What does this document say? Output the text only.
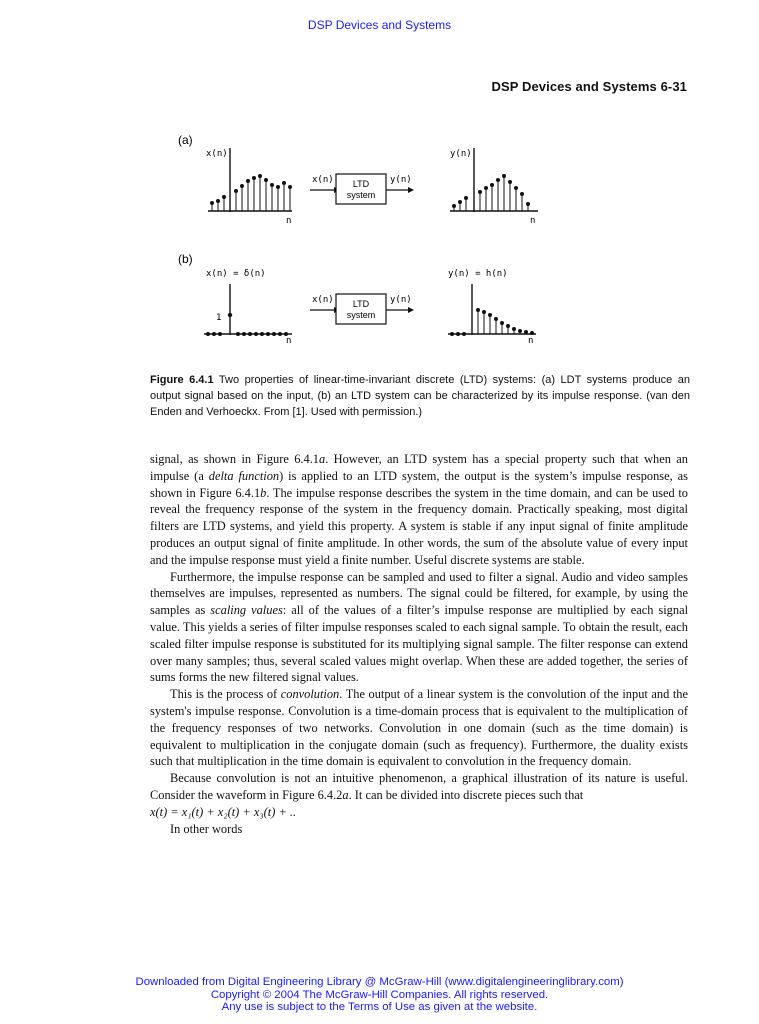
DSP Devices and Systems
DSP Devices and Systems 6-31
(a)
x(n)
n
x(n) LTD
system
y(n)
y(n)
n
(b)
x(n) = δ(n)
1
n
x(n) LTD
system
y(n)
y(n) = h(n)
n
Figure 6.4.1 Two properties of linear-time-invariant discrete (LTD) systems: (a) LDT systems produce an output signal based on the input, (b) an LTD system can be characterized by its impulse response. (van den Enden and Verhoeckx. From [1]. Used with permission.)

signal, as shown in Figure 6.4.1a. However, an LTD system has a special property such that when an impulse (a delta function) is applied to an LTD system, the output is the system’s impulse response, as shown in Figure 6.4.1b. The impulse response describes the system in the time domain, and can be used to reveal the frequency response of the system in the frequency domain. Practically speaking, most digital filters are LTD systems, and yield this property. A system is stable if any input signal of finite amplitude produces an output signal of finite amplitude. In other words, the sum of the absolute value of every input and the impulse response must yield a finite number. Useful discrete systems are stable.

Furthermore, the impulse response can be sampled and used to filter a signal. Audio and video samples themselves are impulses, represented as numbers. The signal could be filtered, for example, by using the samples as scaling values: all of the values of a filter’s impulse response are multiplied by each signal value. This yields a series of filter impulse responses scaled to each signal sample. To obtain the result, each scaled filter impulse response is substituted for its multiplying signal sample. The filter response can extend over many samples; thus, several scaled values might overlap. When these are added together, the series of sums forms the new filtered signal values.

This is the process of convolution. The output of a linear system is the convolution of the input and the system's impulse response. Convolution is a time-domain process that is equivalent to the multiplication of the frequency responses of two networks. Convolution in one domain (such as the time domain) is equivalent to multiplication in the conjugate domain (such as frequency). Furthermore, the duality exists such that multiplication in the time domain is equivalent to convolution in the frequency domain.

Because convolution is not an intuitive phenomenon, a graphical illustration of its nature is useful. Consider the waveform in Figure 6.4.2a. It can be divided into discrete pieces such that

x(t) = x₁(t) + x₂(t) + x₃(t) + ..

In other words

Downloaded from Digital Engineering Library @ McGraw-Hill (www.digitalengineeringlibrary.com)
Copyright © 2004 The McGraw-Hill Companies. All rights reserved.
Any use is subject to the Terms of Use as given at the website.
